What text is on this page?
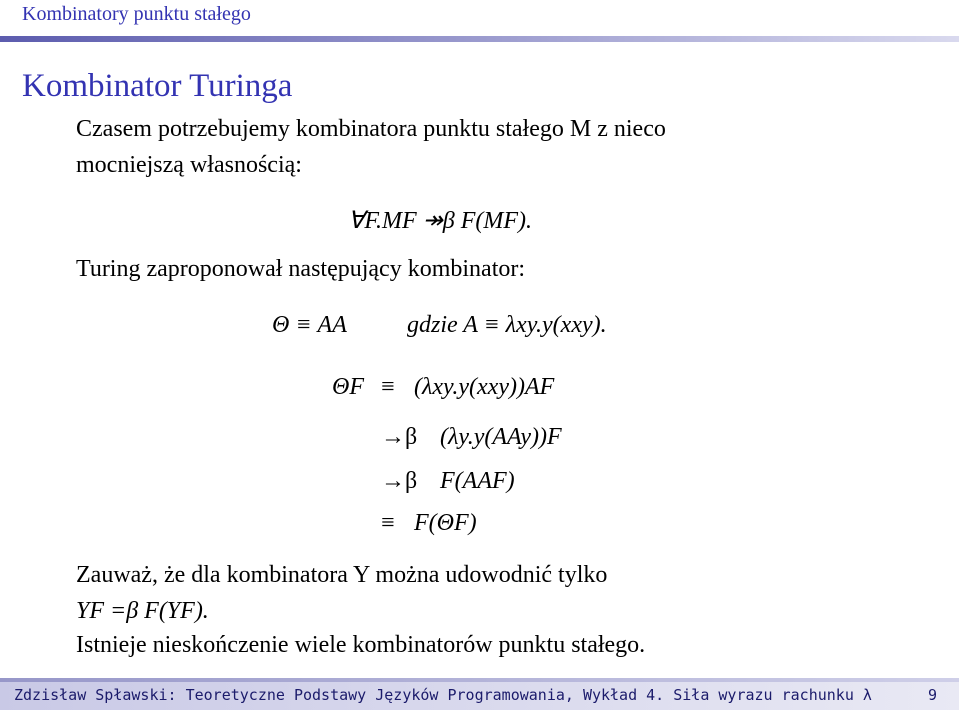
Kombinatory punktu stałego
Kombinator Turinga
Czasem potrzebujemy kombinatora punktu stałego M z nieco
mocniejszą własnością:
∀F.MF ↠β F(MF).
Turing zaproponował następujący kombinator:
Θ ≡ AA	gdzie A ≡ λxy.y(xxy).
ΘF ≡ (λxy.y(xxy))AF
→β (λy.y(AAy))F
→β F(AAF)
≡ F(ΘF)
Zauważ, że dla kombinatora Y można udowodnić tylko
YF =β F(YF).
Istnieje nieskończenie wiele kombinatorów punktu stałego.
Zdzisław Spławski: Teoretyczne Podstawy Języków Programowania, Wykład 4. Siła wyrazu rachunku λ	9
